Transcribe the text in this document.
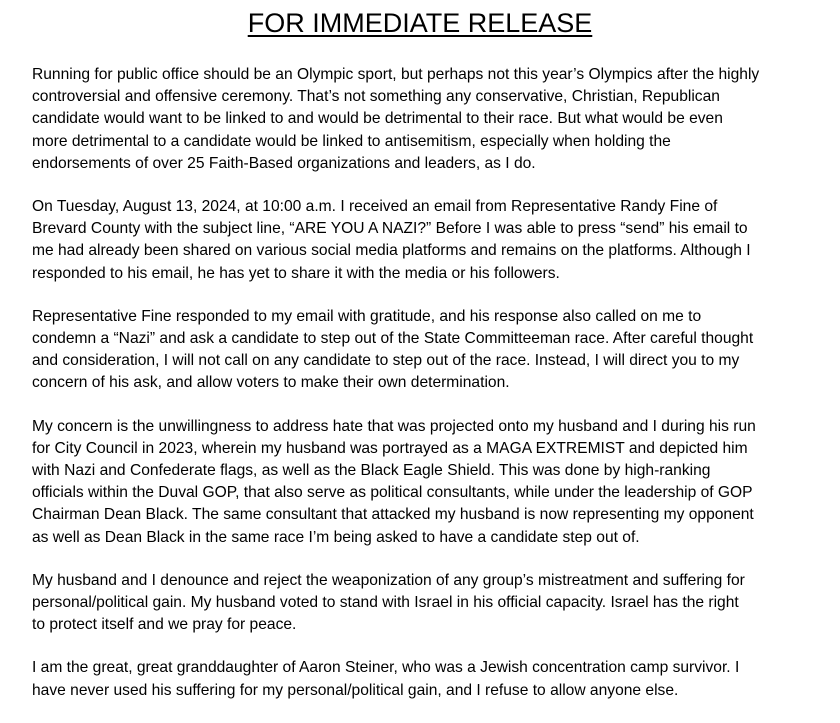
FOR IMMEDIATE RELEASE

Running for public office should be an Olympic sport, but perhaps not this year’s Olympics after the highly
controversial and offensive ceremony. That’s not something any conservative, Christian, Republican
candidate would want to be linked to and would be detrimental to their race. But what would be even
more detrimental to a candidate would be linked to antisemitism, especially when holding the
endorsements of over 25 Faith-Based organizations and leaders, as I do.

On Tuesday, August 13, 2024, at 10:00 a.m. I received an email from Representative Randy Fine of
Brevard County with the subject line, “ARE YOU A NAZI?” Before I was able to press “send” his email to
me had already been shared on various social media platforms and remains on the platforms. Although I
responded to his email, he has yet to share it with the media or his followers.

Representative Fine responded to my email with gratitude, and his response also called on me to
condemn a “Nazi” and ask a candidate to step out of the State Committeeman race. After careful thought
and consideration, I will not call on any candidate to step out of the race. Instead, I will direct you to my
concern of his ask, and allow voters to make their own determination.

My concern is the unwillingness to address hate that was projected onto my husband and I during his run
for City Council in 2023, wherein my husband was portrayed as a MAGA EXTREMIST and depicted him
with Nazi and Confederate flags, as well as the Black Eagle Shield. This was done by high-ranking
officials within the Duval GOP, that also serve as political consultants, while under the leadership of GOP
Chairman Dean Black. The same consultant that attacked my husband is now representing my opponent
as well as Dean Black in the same race I’m being asked to have a candidate step out of.

My husband and I denounce and reject the weaponization of any group’s mistreatment and suffering for
personal/political gain. My husband voted to stand with Israel in his official capacity. Israel has the right
to protect itself and we pray for peace.

I am the great, great granddaughter of Aaron Steiner, who was a Jewish concentration camp survivor. I
have never used his suffering for my personal/political gain, and I refuse to allow anyone else.
